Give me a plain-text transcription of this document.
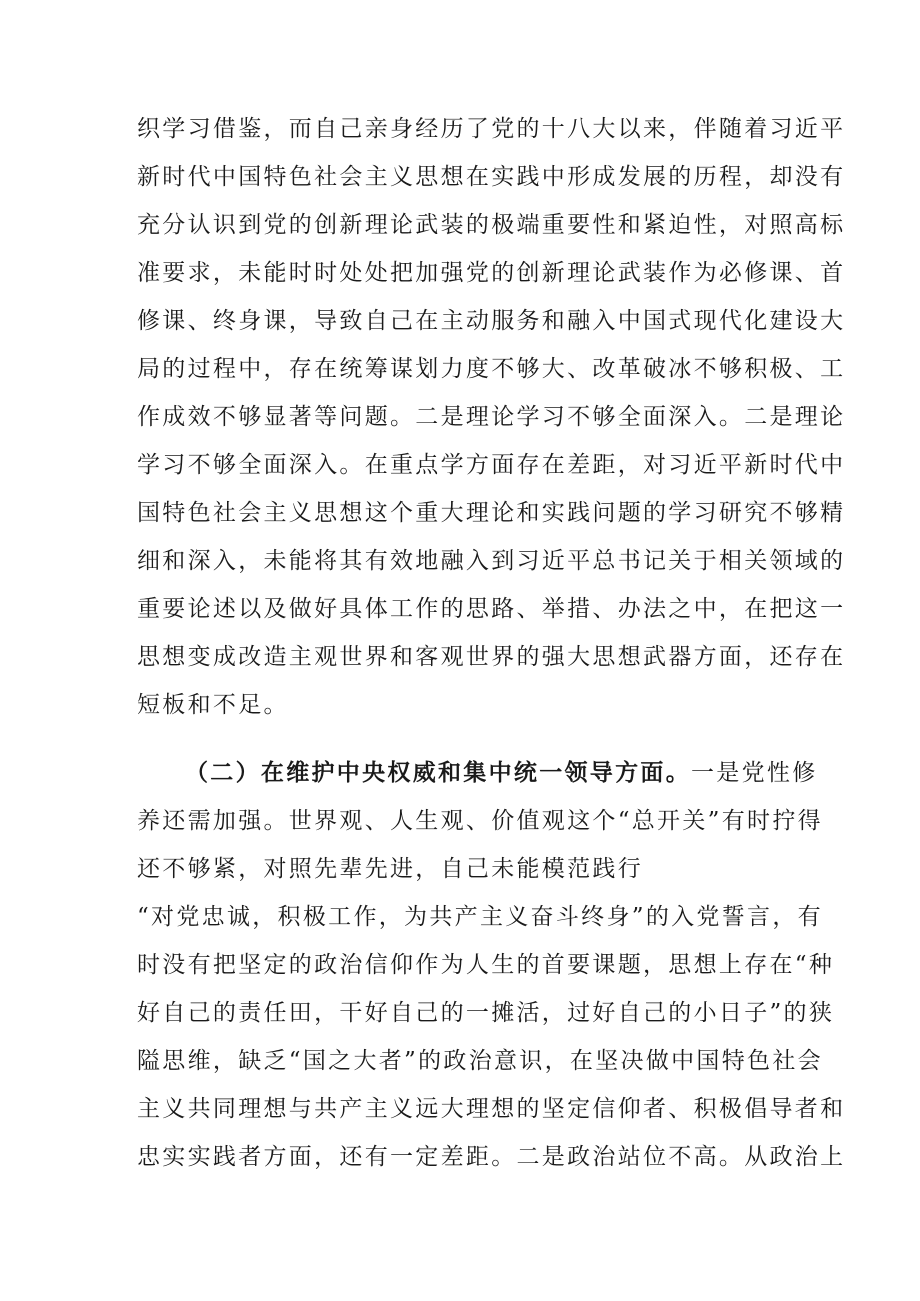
织学习借鉴，而自己亲身经历了党的十八大以来，伴随着习近平
新时代中国特色社会主义思想在实践中形成发展的历程，却没有
充分认识到党的创新理论武装的极端重要性和紧迫性，对照高标
准要求，未能时时处处把加强党的创新理论武装作为必修课、首
修课、终身课，导致自己在主动服务和融入中国式现代化建设大
局的过程中，存在统筹谋划力度不够大、改革破冰不够积极、工
作成效不够显著等问题。二是理论学习不够全面深入。二是理论
学习不够全面深入。在重点学方面存在差距，对习近平新时代中
国特色社会主义思想这个重大理论和实践问题的学习研究不够精
细和深入，未能将其有效地融入到习近平总书记关于相关领域的
重要论述以及做好具体工作的思路、举措、办法之中，在把这一
思想变成改造主观世界和客观世界的强大思想武器方面，还存在
短板和不足。
（二）在维护中央权威和集中统一领导方面。一是党性修
养还需加强。世界观、人生观、价值观这个“总开关”有时拧得
还不够紧，对照先辈先进，自己未能模范践行
“对党忠诚，积极工作，为共产主义奋斗终身”的入党誓言，有
时没有把坚定的政治信仰作为人生的首要课题，思想上存在“种
好自己的责任田，干好自己的一摊活，过好自己的小日子”的狭
隘思维，缺乏“国之大者”的政治意识，在坚决做中国特色社会
主义共同理想与共产主义远大理想的坚定信仰者、积极倡导者和
忠实实践者方面，还有一定差距。二是政治站位不高。从政治上
